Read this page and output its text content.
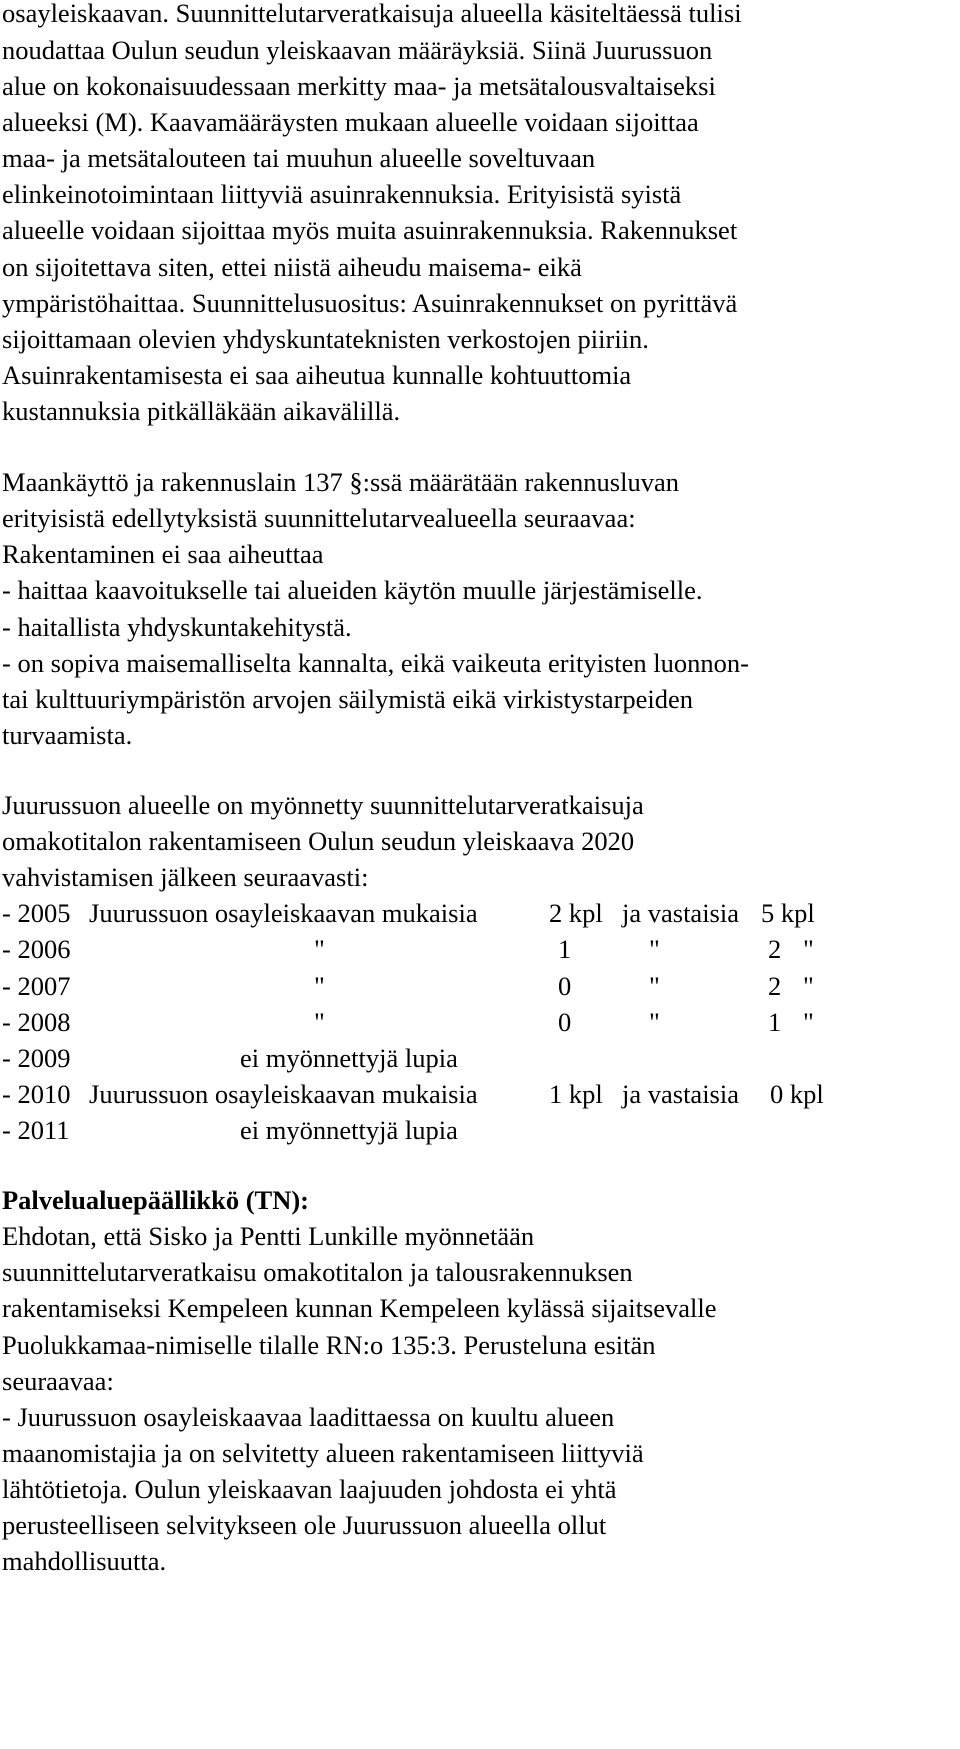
osayleiskaavan. Suunnittelutarveratkaisuja alueella käsiteltäessä tulisi
noudattaa Oulun seudun yleiskaavan määräyksiä. Siinä Juurussuon
alue on kokonaisuudessaan merkitty maa- ja metsätalousvaltaiseksi
alueeksi (M). Kaavamääräysten mukaan alueelle voidaan sijoittaa
maa- ja metsätalouteen tai muuhun alueelle soveltuvaan
elinkeinotoimintaan liittyviä asuinrakennuksia. Erityisistä syistä
alueelle voidaan sijoittaa myös muita asuinrakennuksia. Rakennukset
on sijoitettava siten, ettei niistä aiheudu maisema- eikä
ympäristöhaittaa. Suunnittelusuositus: Asuinrakennukset on pyrittävä
sijoittamaan olevien yhdyskuntateknisten verkostojen piiriin.
Asuinrakentamisesta ei saa aiheutua kunnalle kohtuuttomia
kustannuksia pitkälläkään aikavälillä.
Maankäyttö ja rakennuslain 137 §:ssä määrätään rakennusluvan
erityisistä edellytyksistä suunnittelutarvealueella seuraavaa:
Rakentaminen ei saa aiheuttaa
- haittaa kaavoitukselle tai alueiden käytön muulle järjestämiselle.
- haitallista yhdyskuntakehitystä.
- on sopiva maisemalliselta kannalta, eikä vaikeuta erityisten luonnon-
tai kulttuuriympäristön arvojen säilymistä eikä virkistystarpeiden
turvaamista.
Juurussuon alueelle on myönnetty suunnittelutarveratkaisuja
omakotitalon rakentamiseen Oulun seudun yleiskaava 2020
vahvistamisen jälkeen seuraavasti:
- 2005 Juurussuon osayleiskaavan mukaisia	2 kpl ja vastaisia 5 kpl
- 2006	"	1	"	2 "
- 2007	"	0	"	2 "
- 2008	"	0	"	1 "
- 2009	ei myönnettyjä lupia
- 2010 Juurussuon osayleiskaavan mukaisia	1 kpl ja vastaisia 0 kpl
- 2011	ei myönnettyjä lupia
Palvelualuepäällikkö (TN):
Ehdotan, että Sisko ja Pentti Lunkille myönnetään
suunnittelutarveratkaisu omakotitalon ja talousrakennuksen
rakentamiseksi Kempeleen kunnan Kempeleen kylässä sijaitsevalle
Puolukkamaa-nimiselle tilalle RN:o 135:3. Perusteluna esitän
seuraavaa:
- Juurussuon osayleiskaavaa laadittaessa on kuultu alueen
maanomistajia ja on selvitetty alueen rakentamiseen liittyviä
lähtötietoja. Oulun yleiskaavan laajuuden johdosta ei yhtä
perusteelliseen selvitykseen ole Juurussuon alueella ollut
mahdollisuutta.
